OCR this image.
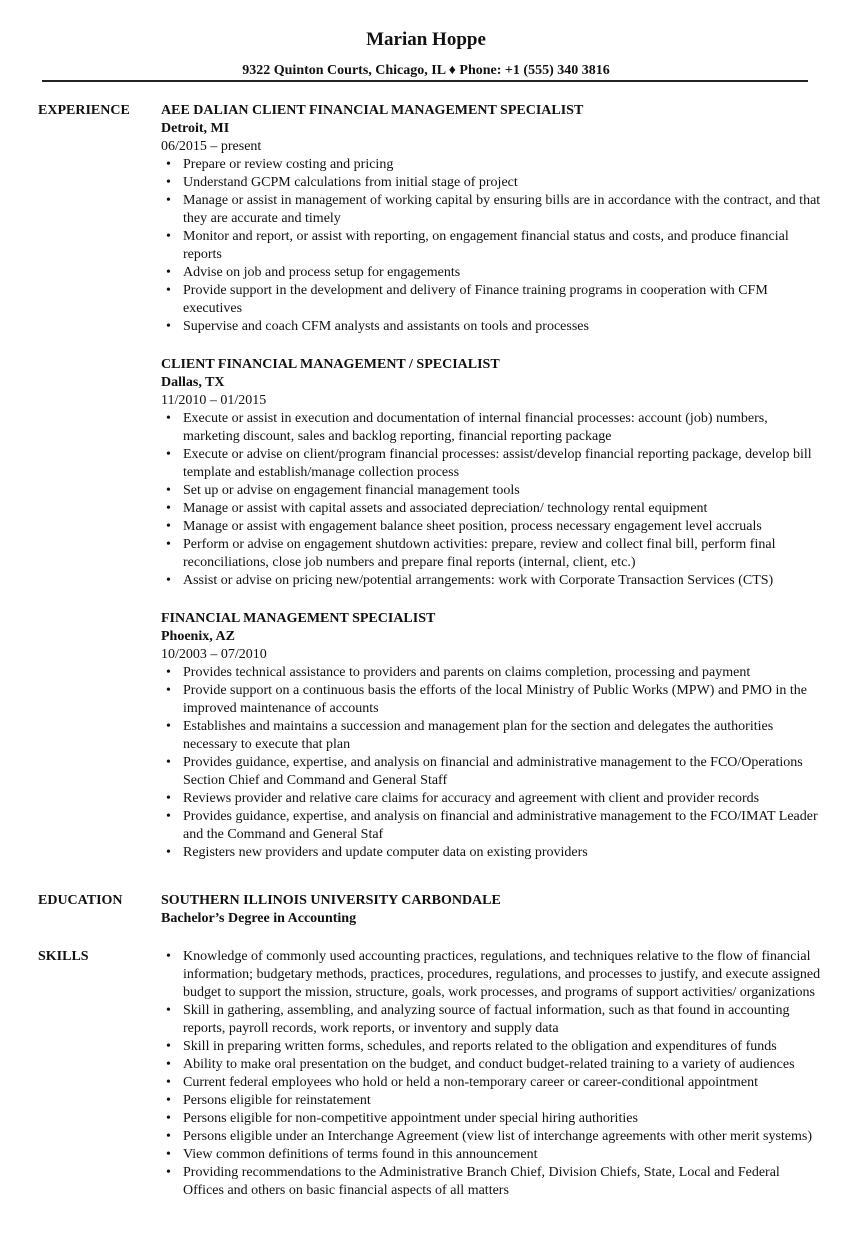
Marian Hoppe
9322 Quinton Courts, Chicago, IL ♦ Phone: +1 (555) 340 3816
EXPERIENCE AEE DALIAN CLIENT FINANCIAL MANAGEMENT SPECIALIST
Detroit, MI
06/2015 – present
• Prepare or review costing and pricing
• Understand GCPM calculations from initial stage of project
• Manage or assist in management of working capital by ensuring bills are in accordance with the contract, and that they are accurate and timely
• Monitor and report, or assist with reporting, on engagement financial status and costs, and produce financial reports
• Advise on job and process setup for engagements
• Provide support in the development and delivery of Finance training programs in cooperation with CFM executives
• Supervise and coach CFM analysts and assistants on tools and processes
CLIENT FINANCIAL MANAGEMENT / SPECIALIST
Dallas, TX
11/2010 – 01/2015
• Execute or assist in execution and documentation of internal financial processes: account (job) numbers, marketing discount, sales and backlog reporting, financial reporting package
• Execute or advise on client/program financial processes: assist/develop financial reporting package, develop bill template and establish/manage collection process
• Set up or advise on engagement financial management tools
• Manage or assist with capital assets and associated depreciation/ technology rental equipment
• Manage or assist with engagement balance sheet position, process necessary engagement level accruals
• Perform or advise on engagement shutdown activities: prepare, review and collect final bill, perform final reconciliations, close job numbers and prepare final reports (internal, client, etc.)
• Assist or advise on pricing new/potential arrangements: work with Corporate Transaction Services (CTS)
FINANCIAL MANAGEMENT SPECIALIST
Phoenix, AZ
10/2003 – 07/2010
• Provides technical assistance to providers and parents on claims completion, processing and payment
• Provide support on a continuous basis the efforts of the local Ministry of Public Works (MPW) and PMO in the improved maintenance of accounts
• Establishes and maintains a succession and management plan for the section and delegates the authorities necessary to execute that plan
• Provides guidance, expertise, and analysis on financial and administrative management to the FCO/Operations Section Chief and Command and General Staff
• Reviews provider and relative care claims for accuracy and agreement with client and provider records
• Provides guidance, expertise, and analysis on financial and administrative management to the FCO/IMAT Leader and the Command and General Staf
• Registers new providers and update computer data on existing providers
EDUCATION	SOUTHERN ILLINOIS UNIVERSITY CARBONDALE
Bachelor’s Degree in Accounting
SKILLS
•	Knowledge of commonly used accounting practices, regulations, and techniques relative to the flow of financial information; budgetary methods, practices, procedures, regulations, and processes to justify, and execute assigned budget to support the mission, structure, goals, work processes, and programs of support activities/ organizations
• Skill in gathering, assembling, and analyzing source of factual information, such as that found in accounting reports, payroll records, work reports, or inventory and supply data
• Skill in preparing written forms, schedules, and reports related to the obligation and expenditures of funds
• Ability to make oral presentation on the budget, and conduct budget-related training to a variety of audiences
• Current federal employees who hold or held a non-temporary career or career-conditional appointment
• Persons eligible for reinstatement
• Persons eligible for non-competitive appointment under special hiring authorities
• Persons eligible under an Interchange Agreement (view list of interchange agreements with other merit systems)
• View common definitions of terms found in this announcement
• Providing recommendations to the Administrative Branch Chief, Division Chiefs, State, Local and Federal Offices and others on basic financial aspects of all matters
